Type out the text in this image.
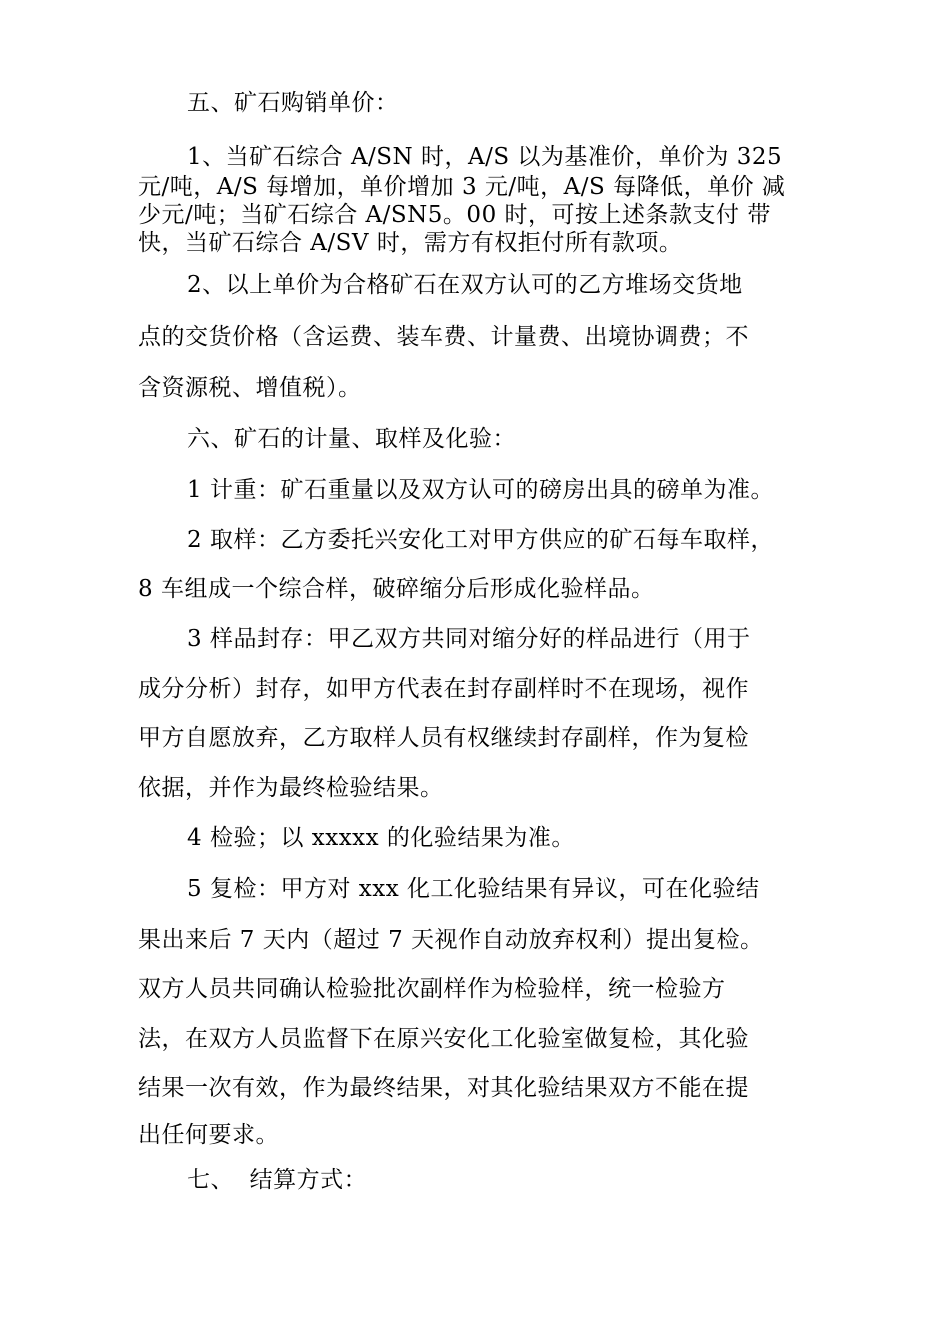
五、矿石购销单价：
1、当矿石综合 A/SN 时，A/S 以为基准价，单价为 325
元/吨，A/S 每增加，单价增加 3 元/吨，A/S 每降低，单价 减
少元/吨；当矿石综合 A/SN5。00 时，可按上述条款支付 带
快，当矿石综合 A/SV 时，需方有权拒付所有款项。
2、以上单价为合格矿石在双方认可的乙方堆场交货地
点的交货价格（含运费、装车费、计量费、出境协调费；不
含资源税、增值税）。
六、矿石的计量、取样及化验：
1 计重：矿石重量以及双方认可的磅房出具的磅单为准。
2 取样：乙方委托兴安化工对甲方供应的矿石每车取样，
8 车组成一个综合样，破碎缩分后形成化验样品。
3 样品封存：甲乙双方共同对缩分好的样品进行（用于
成分分析）封存，如甲方代表在封存副样时不在现场，视作
甲方自愿放弃，乙方取样人员有权继续封存副样，作为复检
依据，并作为最终检验结果。
4 检验；以 xxxxx 的化验结果为准。
5 复检：甲方对 xxx 化工化验结果有异议，可在化验结
果出来后 7 天内（超过 7 天视作自动放弃权利）提出复检。
双方人员共同确认检验批次副样作为检验样，统一检验方
法，在双方人员监督下在原兴安化工化验室做复检，其化验
结果一次有效，作为最终结果，对其化验结果双方不能在提
出任何要求。
七、  结算方式：
